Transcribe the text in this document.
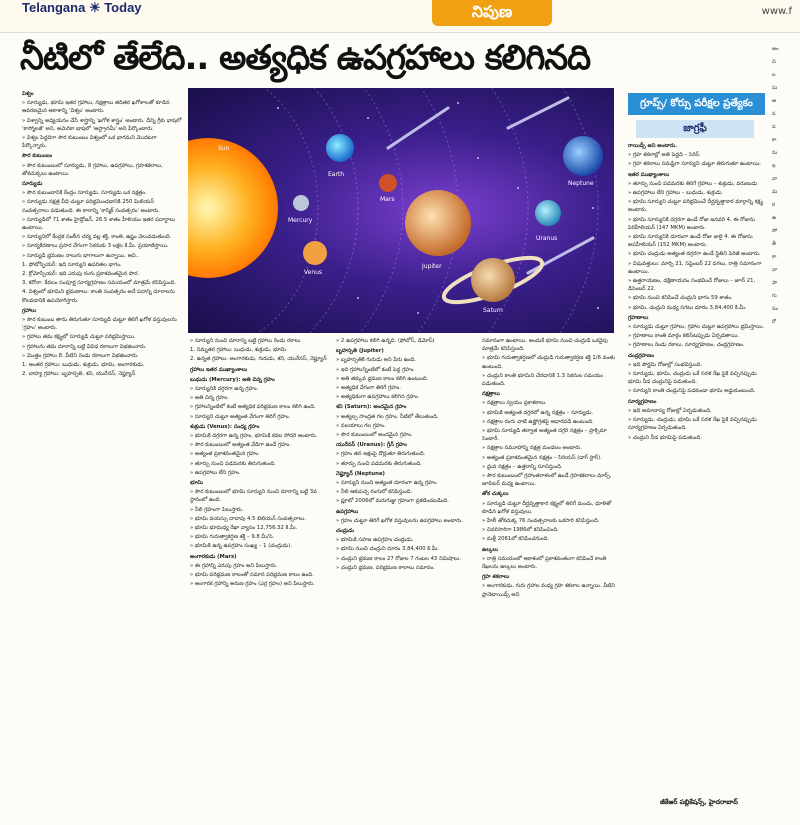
Telangana ☀ Today	నిపుణ	www.f
నీటిలో తేలేది.. అత్యధిక ఉపగ్రహాలు కలిగినది

విశ్వం

» సూర్యుడు, భూమి ఇతర గ్రహాలు, నక్షత్రాలు తదితర ఖగోళాలతో కూడిన ఆవరణమైన ఆకాశాన్ని 'విశ్వం' అంటారు.

» విశ్వాన్ని అధ్యయనం చేసే శాస్త్రాన్ని 'ఖగోళ శాస్త్రం' అంటారు. దీన్ని గ్రీకు భాషలో 'కాస్మోలజీ' అని, అమెరికా భాషలో 'ఆస్ట్రానమీ' అని పేర్కొంటారు.

» విశ్వం పెద్దదిగా సౌర కుటుంబం విశ్వంలో ఒక భాగమని మొదటగా పేర్కొన్నారు.

సౌర కుటుంబం

» సౌర కుటుంబంలో సూర్యుడు, 8 గ్రహాలు, ఉపగ్రహాలు, గ్రహశకలాలు, తోకచుక్కలు ఉంటాయి.

సూర్యుడు

» సౌర కుటుంబానికి కేంద్రం సూర్యుడు. సూర్యుడు ఒక నక్షత్రం.

» సూర్యుడు నక్షత్ర వీధి చుట్టూ పరిభ్రమించడానికి 250 మిలియన్ సంవత్సరాలు పడుతుంది. ఈ కాలాన్ని 'కాస్మిక్ సంవత్సరం' అంటారు.

» సూర్యుడిలో 71 శాతం హైడ్రోజన్, 26.5 శాతం హీలియం ఇతర పదార్థాలు ఉంటాయి.

» సూర్యునిలో కేంద్రక సంలీన చర్య వల్ల శక్తి, కాంతి, ఉష్ణం వెలువడుతుంది.

» సూర్యకిరణాలు ప్రసార వేగంగా సెకనుకు 3 లక్షల కి.మీ. ప్రయాణిస్తాయి.

» సూర్యుడి భ్రమణం నాలుగు భాగాలుగా ఉన్నాయి. అవి..

1. ఫోటోస్ఫియర్: ఇది సూర్యుని ఉపరితల భాగం.

2. క్రోమోస్ఫియర్: ఇది ఎరుపు రంగు ప్రకాశవంతమైన పొర.

3. కరోనా: కేవలం సంపూర్ణ సూర్యగ్రహణం సమయంలో మాత్రమే కనిపిస్తుంది.

4. విశ్వంలో భూమిని భ్రమణాలు: కాంతి సంవత్సరం అనే పదాన్ని దూరాలను కొలవడానికి ఉపయోగిస్తారు.

గ్రహాలు

» సౌర కుటుంబ తాను తిరుగుతూ సూర్యుడి చుట్టూ తిరిగే ఖగోళ వస్తువులను 'గ్రహం' అంటారు.

» గ్రహాలు తమ కక్ష్యలో సూర్యుడి చుట్టూ పరిభ్రమిస్తాయి.

» గ్రహాలను తమ దూరాన్ని బట్టి వివిధ రకాలుగా విభజించారు.

» మొత్తం గ్రహాలు 8. వీటిని రెండు రకాలుగా విభజించారు.

1. అంతర గ్రహాలు: బుధుడు, శుక్రుడు, భూమి, అంగారకుడు.

2. బాహ్య గ్రహాలు: బృహస్పతి, శని, యురేనస్, నెప్ట్యూన్.

Sun
Mercury
Venus
Earth
Mars
Jupiter
Saturn
Uranus
Neptune
గ్రూప్స్/ కోర్సు పరీక్షల ప్రత్యేకం
జాగ్రఫీ

» సూర్యుని నుంచి దూరాన్ని బట్టి గ్రహాలు రెండు రకాలు

1. నిమ్నతర గ్రహాలు: బుధుడు, శుక్రుడు, భూమి

2. ఉన్నత గ్రహాలు: అంగారకుడు, గురుడు, శని, యురేనస్, నెప్ట్యూన్

గ్రహాలు ఇతర ముఖ్యాంశాలు

బుధుడు (Mercury): అతి చిన్న గ్రహం

» సూర్యునికి దగ్గరగా ఉన్న గ్రహం.

» అతి చిన్న గ్రహం.

» గ్రహాలన్నింటిలో కంటే అత్యధిక పరిభ్రమణ కాలం కలిగి ఉంది.

» సూర్యుని చుట్టూ అత్యంత వేగంగా తిరిగే గ్రహం.

శుక్రుడు (Venus): సంధ్య గ్రహం

» భూమికి దగ్గరగా ఉన్న గ్రహం, భూమికి కవల సోదరి అంటారు.

» సౌర కుటుంబంలో అత్యంత వేడిగా ఉండే గ్రహం.

» అత్యంత ప్రకాశవంతమైన గ్రహం.

» తూర్పు నుంచి పడమరకు తిరుగుతుంది.

» ఉపగ్రహాలు లేని గ్రహం.

భూమి

» సౌర కుటుంబంలో భూమి సూర్యుని నుంచి దూరాన్ని బట్టి 3వ స్థానంలో ఉంది.

» నీలి గ్రహంగా పిలుస్తారు.

» భూమి వయస్సు దాదాపు 4.5 బిలియన్ సంవత్సరాలు.

» భూమి భూమధ్య రేఖా వ్యాసం 12,756.32 కి.మీ.

» భూమి గురుత్వాకర్షణ శక్తి – 9.8 మీ/సె.

» భూమికి ఉన్న ఉపగ్రహం సంఖ్య – 1 (చంద్రుడు).

అంగారకుడు (Mars)

» ఈ గ్రహాన్ని ఎరుపు గ్రహం అని పిలుస్తారు.

» భూమి పరిభ్రమణ కాలంతో సమాన పరిభ్రమణ కాలం ఉంది.

» అంగారక గ్రహాన్ని అరుణ గ్రహం (ఎర్ర గ్రహం) అని పిలుస్తారు.

» 2 ఉపగ్రహాలు కలిగి ఉన్నది. (ఫోబోస్, డిమోస్)

బృహస్పతి (Jupiter)

» బృహస్పతికి గురుడు అని పేరు ఉంది.

» ఇది గ్రహాలన్నింటిలో కంటే పెద్ద గ్రహం.

» అతి తక్కువ భ్రమణ కాలం కలిగి ఉంటుంది.

» అత్యధిక వేగంగా తిరిగే గ్రహం.

» అత్యధికంగా ఉపగ్రహాలు కలిగిన గ్రహం.

శని (Saturn): అందమైన గ్రహం

» అత్యల్ప సాంద్రత గల గ్రహం. నీటిలో తేలుతుంది.

» వలయాలు గల గ్రహం.

» సౌర కుటుంబంలో అందమైన గ్రహం.

యురేనస్ (Uranus): గ్రీన్ గ్రహం

» గ్రహం తన అక్షంపై దొర్లుతూ తిరుగుతుంది.

» తూర్పు నుంచి పడమరకు తిరుగుతుంది.

నెప్ట్యూన్ (Neptune)

» సూర్యుని నుంచి అత్యంత దూరంగా ఉన్న గ్రహం.

» నీలి ఆకుపచ్చ రంగులో కనిపిస్తుంది.

» ప్లూటో 2006లో మరుగుజ్జు గ్రహంగా ప్రకటించబడింది.

ఉపగ్రహాలు

» గ్రహం చుట్టూ తిరిగే ఖగోళ వస్తువులను ఉపగ్రహాలు అంటారు.

చంద్రుడు

» భూమికి సహజ ఉపగ్రహం చంద్రుడు.

» భూమి నుంచి చంద్రుని దూరం 3,84,400 కి.మీ.

» చంద్రుని భ్రమణ కాలం 27 రోజుల 7 గంటల 43 నిమిషాలు.

» చంద్రుని భ్రమణ, పరిభ్రమణ కాలాలు సమానం.

సమానంగా ఉంటాయి. అందుకే భూమి నుంచి చంద్రుడి ఒకవైపు మాత్రమే కనిపిస్తుంది.

» భూమి గురుత్వాకర్షణలో చంద్రుడి గురుత్వాకర్షణ శక్తి 1/6 వంతు ఉంటుంది.

» చంద్రుని కాంతి భూమిని చేరడానికి 1.3 సెకనుల సమయం పడుతుంది.

నక్షత్రాలు

» నక్షత్రాలు స్వయం ప్రకాశకాలు.

» భూమికి అత్యంత దగ్గరలో ఉన్న నక్షత్రం – సూర్యుడు.

» నక్షత్రాల రంగు వాటి ఉష్ణోగ్రతపై ఆధారపడి ఉంటుంది.

» భూమి సూర్యుడి తర్వాత అత్యంత దగ్గరి నక్షత్రం – ప్రాక్సిమా సెంటారీ.

» నక్షత్రాల సమూహాన్ని నక్షత్ర మండలం అంటారు.

» అత్యంత ప్రకాశవంతమైన నక్షత్రం – సిరియస్ (డాగ్ స్టార్).

» ధ్రువ నక్షత్రం – ఉత్తరాన్ని సూచిస్తుంది.

» సౌర కుటుంబంలో గ్రహాంతరాళంలో ఉండే గ్రహశకలాలు మార్స్, జూపిటర్ మధ్య ఉంటాయి.

తోక చుక్కలు

» సూర్యుడి చుట్టూ దీర్ఘవృత్తాకార కక్ష్యలో తిరిగే మంచు, ధూళితో కూడిన ఖగోళ వస్తువులు.

» హేలీ తోకచుక్క 76 సంవత్సరాలకు ఒకసారి కనిపిస్తుంది.

» చివరిసారిగా 1986లో కనిపించింది.

» మళ్లీ 2061లో కనిపించనుంది.

ఉల్కలు

» రాత్రి సమయంలో ఆకాశంలో ప్రకాశవంతంగా కనిపించే కాంతి రేఖలను ఉల్కలు అంటారు.

గ్రహ శకలాలు

» అంగారకుడు, గురు గ్రహాల మధ్య గ్రహ శకలాల ఉన్నాయి. వీటిని ప్లానెటాయిడ్స్ అని

రాయిడ్స్ అని అంటారు.

» గ్రహ శకలాల్లో అతి పెద్దది – సెరిస్

» గ్రహ శకలాలు సమష్టిగా సూర్యుని చుట్టూ తిరుగుతూ ఉంటాయి.

ఇతర ముఖ్యాంశాలు

» తూర్పు నుంచి పడమరకు తిరిగే గ్రహాలు – శుక్రుడు, వరుణుడు

» ఉపగ్రహాలు లేని గ్రహాలు – బుధుడు, శుక్రుడు

» భూమి సూర్యుని చుట్టూ పరిభ్రమించే దీర్ఘవృత్తాకార మార్గాన్ని కక్ష్య అంటారు.

» భూమి సూర్యునికి దగ్గరగా ఉండే రోజు జనవరి 4. ఈ రోజును పెరిహీలియన్ (147 MKM) అంటారు.

» భూమి సూర్యునికి దూరంగా ఉండే రోజు జులై 4. ఈ రోజును అపహీలియన్ (152 MKM) అంటారు.

» భూమి చంద్రుడు అత్యంత దగ్గరగా ఉండే స్థితిని పెరిజీ అంటారు.

» విషువత్తులు: మార్చి 21, సెప్టెంబర్ 22 పగలు, రాత్రి సమానంగా ఉంటాయి.

» ఉత్తరాయణం, దక్షిణాయనం సంభవించే రోజులు – జూన్ 21, డిసెంబర్ 22.

» భూమి నుంచి కనిపించే చంద్రుని భాగం 59 శాతం.

» భూమి, చంద్రుని మధ్య సగటు దూరం 3,84,400 కి.మీ.

గ్రహణాలు

» సూర్యుడు చుట్టూ గ్రహాలు, గ్రహాల చుట్టూ ఉపగ్రహాలు భ్రమిస్తాయి.

» గ్రహణాలు కాంతి మార్గం కలిసేటప్పుడు ఏర్పడతాయి.

» గ్రహణాలు రెండు రకాలు. సూర్యగ్రహణం, చంద్రగ్రహణం.

చంద్రగ్రహణం

» ఇది పౌర్ణమి రోజుల్లో సంభవిస్తుంది.

» సూర్యుడు, భూమి, చంద్రుడు ఒకే సరళ రేఖ పైకి వచ్చినప్పుడు భూమి నీడ చంద్రునిపై పడుతుంది.

» సూర్యుని కాంతి చంద్రునిపై పడకుండా భూమి అడ్డుకుంటుంది.

సూర్యగ్రహణం

» ఇది అమావాస్య రోజుల్లో ఏర్పడుతుంది.

» సూర్యుడు, చంద్రుడు, భూమి ఒకే సరళ రేఖ పైకి వచ్చినప్పుడు సూర్యగ్రహణం ఏర్పడుతుంది.

» చంద్రుని నీడ భూమిపై పడుతుంది.

జీకేఆర్ పబ్లికేషన్స్, హైదరాబాద్

అం

చి

ల

సు

ఆ

వ

ప

కా

ను

ఇ

వా

మ

ర

ఉ

సో

తీ

కా

వా

పా

గు

సం

రో
